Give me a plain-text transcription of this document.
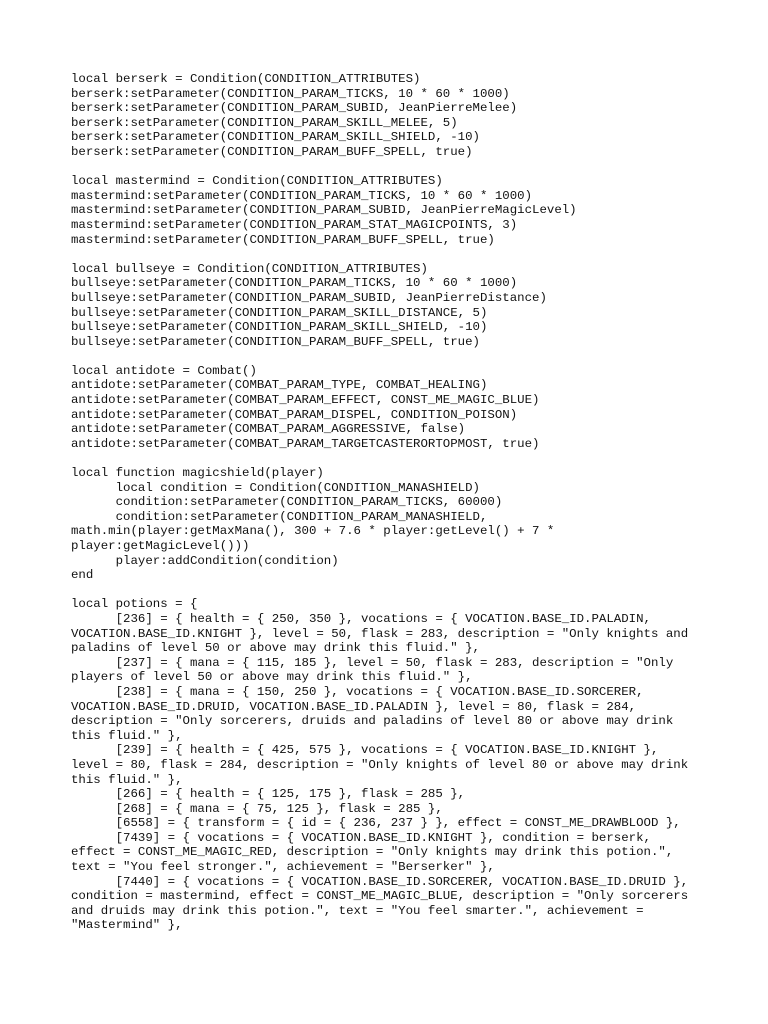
local berserk = Condition(CONDITION_ATTRIBUTES)
berserk:setParameter(CONDITION_PARAM_TICKS, 10 * 60 * 1000)
berserk:setParameter(CONDITION_PARAM_SUBID, JeanPierreMelee)
berserk:setParameter(CONDITION_PARAM_SKILL_MELEE, 5)
berserk:setParameter(CONDITION_PARAM_SKILL_SHIELD, -10)
berserk:setParameter(CONDITION_PARAM_BUFF_SPELL, true)
local mastermind = Condition(CONDITION_ATTRIBUTES)
mastermind:setParameter(CONDITION_PARAM_TICKS, 10 * 60 * 1000)
mastermind:setParameter(CONDITION_PARAM_SUBID, JeanPierreMagicLevel)
mastermind:setParameter(CONDITION_PARAM_STAT_MAGICPOINTS, 3)
mastermind:setParameter(CONDITION_PARAM_BUFF_SPELL, true)
local bullseye = Condition(CONDITION_ATTRIBUTES)
bullseye:setParameter(CONDITION_PARAM_TICKS, 10 * 60 * 1000)
bullseye:setParameter(CONDITION_PARAM_SUBID, JeanPierreDistance)
bullseye:setParameter(CONDITION_PARAM_SKILL_DISTANCE, 5)
bullseye:setParameter(CONDITION_PARAM_SKILL_SHIELD, -10)
bullseye:setParameter(CONDITION_PARAM_BUFF_SPELL, true)
local antidote = Combat()
antidote:setParameter(COMBAT_PARAM_TYPE, COMBAT_HEALING)
antidote:setParameter(COMBAT_PARAM_EFFECT, CONST_ME_MAGIC_BLUE)
antidote:setParameter(COMBAT_PARAM_DISPEL, CONDITION_POISON)
antidote:setParameter(COMBAT_PARAM_AGGRESSIVE, false)
antidote:setParameter(COMBAT_PARAM_TARGETCASTERORTOPMOST, true)
local function magicshield(player)
local condition = Condition(CONDITION_MANASHIELD)
condition:setParameter(CONDITION_PARAM_TICKS, 60000)
condition:setParameter(CONDITION_PARAM_MANASHIELD,
math.min(player:getMaxMana(), 300 + 7.6 * player:getLevel() + 7 *
player:getMagicLevel()))
player:addCondition(condition)
end
local potions = {
[236] = { health = { 250, 350 }, vocations = { VOCATION.BASE_ID.PALADIN,
VOCATION.BASE_ID.KNIGHT }, level = 50, flask = 283, description = "Only knights and
paladins of level 50 or above may drink this fluid." },
[237] = { mana = { 115, 185 }, level = 50, flask = 283, description = "Only
players of level 50 or above may drink this fluid." },
[238] = { mana = { 150, 250 }, vocations = { VOCATION.BASE_ID.SORCERER,
VOCATION.BASE_ID.DRUID, VOCATION.BASE_ID.PALADIN }, level = 80, flask = 284,
description = "Only sorcerers, druids and paladins of level 80 or above may drink
this fluid." },
[239] = { health = { 425, 575 }, vocations = { VOCATION.BASE_ID.KNIGHT },
level = 80, flask = 284, description = "Only knights of level 80 or above may drink
this fluid." },
[266] = { health = { 125, 175 }, flask = 285 },
[268] = { mana = { 75, 125 }, flask = 285 },
[6558] = { transform = { id = { 236, 237 } }, effect = CONST_ME_DRAWBLOOD },
[7439] = { vocations = { VOCATION.BASE_ID.KNIGHT }, condition = berserk,
effect = CONST_ME_MAGIC_RED, description = "Only knights may drink this potion.",
text = "You feel stronger.", achievement = "Berserker" },
[7440] = { vocations = { VOCATION.BASE_ID.SORCERER, VOCATION.BASE_ID.DRUID },
condition = mastermind, effect = CONST_ME_MAGIC_BLUE, description = "Only sorcerers
and druids may drink this potion.", text = "You feel smarter.", achievement =
"Mastermind" },
